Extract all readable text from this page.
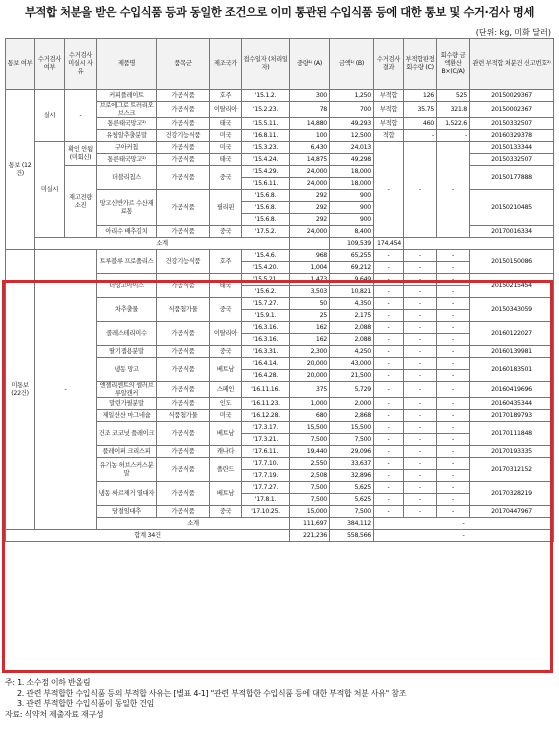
부적합 처분을 받은 수입식품 등과 동일한 조건으로 이미 통관된 수입식품 등에 대한 통보 및 수거·검사 명세
(단위: kg, 미화 달러)
통보 여부	수거검사 여부	수거검사 미실시 사유	제품명	품목군	제조국가	접수일자 (처리일자)	중량¹⁾ (A)	금액¹⁾ (B)	수거검사 결과	부적합판정 회수량 (C)	회수량 금액환산 B×(C/A)	관련 부적합 처분건 신고번호²⁾
통보 (12건)	실시	-	커피플레이트	가공식품	호주	'15.1.2.	300	1,250	부적합	126	525	20150029367
			브로에그로 트러리오브스크	가공식품	이탈리아	'15.2.23.	78	700	부적합	35.75	321.8	20150002367
			통른태국망고²⁾	가공식품	태국	'15.5.11.	14,880	49,293	부적합	460	1,522.6	20150332507
			유청알추출분말	건강기능식품	미국	'16.8.11.	100	12,500	적합	-	-	20160329378
	미실시	확인 안됨 (미회신)	구아커칩	가공식품	미국	'15.3.23.	6,430	24,013	-	-	-	20150133344
			통른태국망고²⁾	가공식품	태국	'15.4.24.	14,875	49,298				20150332507
		재고전량 소진	더블리칩스	가공식품	중국	'15.4.29.	24,000	18,000				20150177888
						'15.6.11.	24,000	18,000				
			망고신반가르 수산재료통	가공식품	필리핀	'15.6.8.	292	900				20150210485
						'15.6.8.	292	900				
						'15.6.8.	292	900				
			아리수 배추김치	가공식품	중국	'17.5.2.	24,000	8,400				20170016334
	소계							109,539	174,454			
미통보 (22건)	-		트루블루 프로폴리스	건강기능식품	호주	'15.4.6.	968	65,255	-	-	-	20150150086
						'15.4.20.	1,004	69,212	-	-	-	
			더망고아이스	가공식품	태국	'15.5.21.	1,473	9,649	-	-	-	20150215454
						'15.6.2.	3,503	10,821	-	-	-	
			차추출물	식품첨가물	중국	'15.7.27.	50	4,350	-	-	-	20150343059
						'15.9.1.	25	2,175	-	-	-	
			콜레스테리미수	가공식품	이탈리아	'16.3.16.	162	2,088	-	-	-	20160122027
						'16.3.16.	162	2,088	-	-	-	
			딸기잼용분말	가공식품	중국	'16.3.31.	2,300	4,250	-	-	-	20160139981
			냉동 망고	가공식품	베트남	'16.4.14.	20,000	43,000	-	-	-	20160183501
						'16.4.28.	20,000	21,500	-	-	-	
			엔젤리센트의 셀러브루알캔커	가공식품	스페인	'16.11.16.	375	5,729	-	-	-	20160419696
			말린가필분말	가공식품	인도	'16.11.23.	1,000	2,000	-	-	-	20160435344
			제일산산 마그네슘	식품첨가물	미국	'16.12.28.	680	2,868	-	-	-	20170189793
			건조 코코넛 플레이크	가공식품	베트남	'17.3.17.	15,500	15,500	-	-	-	20170111848
						'17.3.21.	7,500	7,500	-	-	-	
			플레이퍼 크리스피	가공식품	캐나다	'17.6.11.	19,440	29,096	-	-	-	20170193335
			유기농 허브스커스분말	가공식품	폴란드	'17.7.10.	2,550	33,637	-	-	-	20170312152
						'17.7.19.	2,508	32,896	-	-	-	
			냉동 싸르제거 열대자	가공식품	베트남	'17.7.27.	7,500	5,625	-	-	-	20170328219
						'17.8.1.	7,500	5,625	-	-	-	
			당절임대추	가공식품	중국	'17.10.25.	15,000	7,500	-	-	-	20170447967
			소계				111,697	384,112	-			
합계 34건							221,236	558,566	-			
주: 1. 소수점 이하 반올림
2. 관련 부적합한 수입식품 등의 부적합 사유는 [별표 4-1] "관련 부적합한 수입식품 등에 대한 부적합 처분 사유" 참조
3. 관련 부적합한 수입식품이 동일한 건임
자료: 식약처 제출자료 재구성
